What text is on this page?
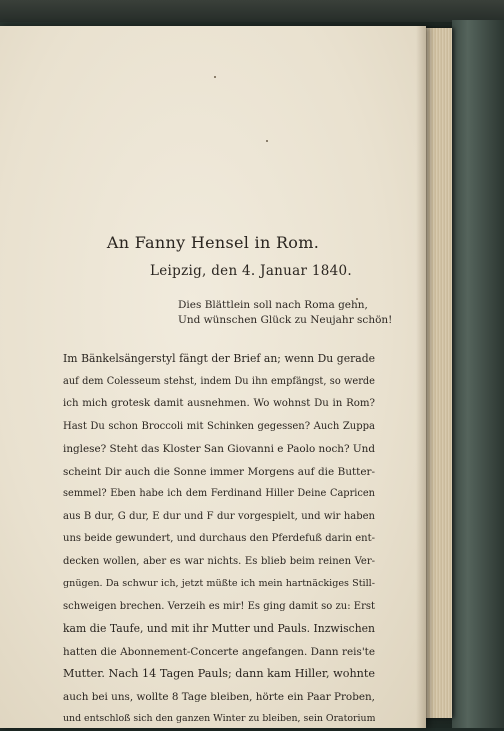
An Fanny Hensel in Rom.
Leipzig, den 4. Januar 1840.
Dies Blättlein soll nach Roma gehn,
Und wünschen Glück zu Neujahr schön!
Im Bänkelsängerstyl fängt der Brief an; wenn Du gerade
auf dem Colesseum stehst, indem Du ihn empfängst, so werde
ich mich grotesk damit ausnehmen. Wo wohnst Du in Rom?
Hast Du schon Broccoli mit Schinken gegessen? Auch Zuppa
inglese? Steht das Kloster San Giovanni e Paolo noch? Und
scheint Dir auch die Sonne immer Morgens auf die Butter-
semmel? Eben habe ich dem Ferdinand Hiller Deine Capricen
aus B dur, G dur, E dur und F dur vorgespielt, und wir haben
uns beide gewundert, und durchaus den Pferdefuß darin ent-
decken wollen, aber es war nichts. Es blieb beim reinen Ver-
gnügen. Da schwur ich, jetzt müßte ich mein hartnäckiges Still-
schweigen brechen. Verzeih es mir! Es ging damit so zu: Erst
kam die Taufe, und mit ihr Mutter und Pauls. Inzwischen
hatten die Abonnement-Concerte angefangen. Dann reis'te
Mutter. Nach 14 Tagen Pauls; dann kam Hiller, wohnte
auch bei uns, wollte 8 Tage bleiben, hörte ein Paar Proben,
und entschloß sich den ganzen Winter zu bleiben, sein Oratorium
